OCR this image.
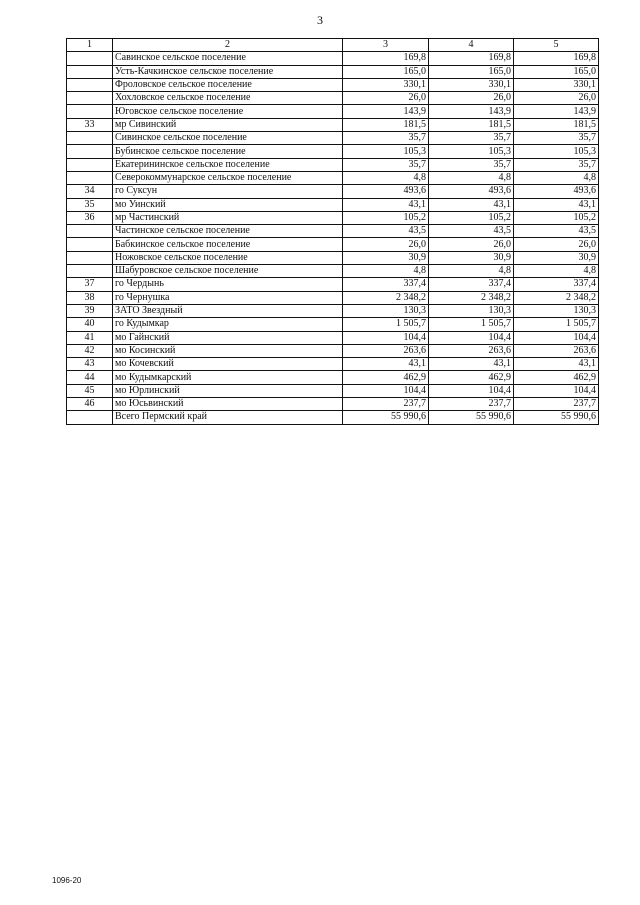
3
1	2	3	4	5
	Савинское сельское поселение	169,8	169,8	169,8
	Усть-Качкинское сельское поселение	165,0	165,0	165,0
	Фроловское сельское поселение	330,1	330,1	330,1
	Хохловское сельское поселение	26,0	26,0	26,0
	Юговское сельское поселение	143,9	143,9	143,9
33	мр Сивинский	181,5	181,5	181,5
	Сивинское сельское поселение	35,7	35,7	35,7
	Бубинское сельское поселение	105,3	105,3	105,3
	Екатерининское сельское поселение	35,7	35,7	35,7
	Северокоммунарское сельское поселение	4,8	4,8	4,8
34	го Суксун	493,6	493,6	493,6
35	мо Уинский	43,1	43,1	43,1
36	мр Частинский	105,2	105,2	105,2
	Частинское сельское поселение	43,5	43,5	43,5
	Бабкинское сельское поселение	26,0	26,0	26,0
	Ножовское сельское поселение	30,9	30,9	30,9
	Шабуровское сельское поселение	4,8	4,8	4,8
37	го Чердынь	337,4	337,4	337,4
38	го Чернушка	2 348,2	2 348,2	2 348,2
39	ЗАТО Звездный	130,3	130,3	130,3
40	го Кудымкар	1 505,7	1 505,7	1 505,7
41	мо Гайнский	104,4	104,4	104,4
42	мо Косинский	263,6	263,6	263,6
43	мо Кочевский	43,1	43,1	43,1
44	мо Кудымкарский	462,9	462,9	462,9
45	мо Юрлинский	104,4	104,4	104,4
46	мо Юсьвинский	237,7	237,7	237,7
	Всего Пермский край	55 990,6	55 990,6	55 990,6
1096-20
